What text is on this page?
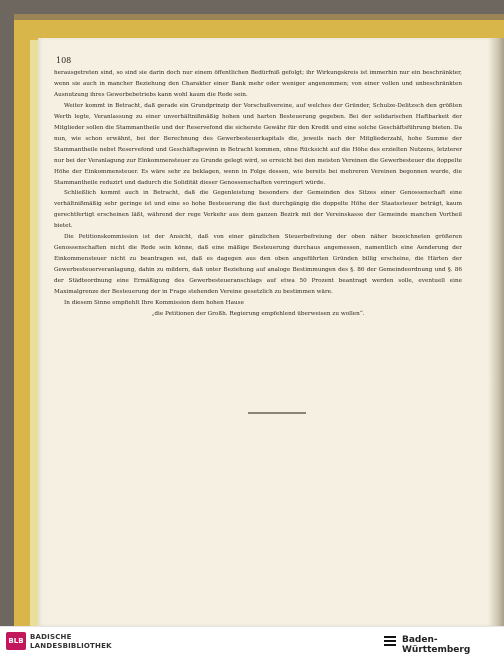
108

herausgetreten sind, so sind sie darin doch nur einem öffentlichen Bedürfniß gefolgt; ihr Wirkungskreis ist immerhin nur ein beschränkter, wenn sie auch in mancher Beziehung den Charakter einer Bank mehr oder weniger angenommen; von einer vollen und unbeschränkten Ausnutzung ihres Gewerbebetriebs kann wohl kaum die Rede sein.

Weiter kommt in Betracht, daß gerade ein Grundprinzip der Vorschußvereine, auf welches der Gründer, Schulze-Delitzsch den größten Werth legte, Veranlassung zu einer unverhältnißmäßig hohen und harten Besteuerung gegeben. Bei der solidarischen Haftbarkeit der Mitglieder sollen die Stammantheile und der Reservefond die sicherste Gewähr für den Kredit und eine solche Geschäftsführung bieten. Da nun, wie schon erwähnt, bei der Berechnung des Gewerbesteuerkapitals die, jeweils nach der Mitgliederzahl, hohe Summe der Stammantheile nebst Reservefond und Geschäftsgewinn in Betracht kommen, ohne Rücksicht auf die Höhe des erzielten Nutzens, letzterer nur bei der Veranlagung zur Einkommensteuer zu Grunde gelegt wird, so erreicht bei den meisten Vereinen die Gewerbesteuer die doppelte Höhe der Einkommensteuer. Es wäre sehr zu beklagen, wenn in Folge dessen, wie bereits bei mehreren Vereinen begonnen wurde, die Stammantheile reduzirt und dadurch die Solidität dieser Genossenschaften verringert würde.

Schließlich kommt auch in Betracht, daß die Gegenleistung besonders der Gemeinden des Sitzes einer Genossenschaft eine verhältnißmäßig sehr geringe ist und eine so hohe Besteuerung die fast durchgängig die doppelte Höhe der Staatssteuer beträgt, kaum gerechtfertigt erscheinen läßt, während der rege Verkehr aus dem ganzen Bezirk mit der Vereinskasse der Gemeinde manchen Vortheil bietet.

Die Petitionskommission ist der Ansicht, daß von einer gänzlichen Steuerbefreiung der oben näher bezeichneten größeren Genossenschaften nicht die Rede sein könne, daß eine mäßige Besteuerung durchaus angemessen, namentlich eine Aenderung der Einkommensteuer nicht zu beantragen sei, daß es dagegen aus den oben angeführten Gründen billig erscheine, die Härten der Gewerbesteuerveranlagung, dahin zu mildern, daß unter Beziehung auf analoge Bestimmungen des §. 86 der Gemeindeordnung und §. 86 der Städteordnung eine Ermäßigung des Gewerbesteueranschlags auf etwa 50 Prozent beantragt werden solle, eventuell eine Maximalgrenze der Besteuerung der in Frage stehenden Vereine gesetzlich zu bestimmen wäre.

In diesem Sinne empfiehlt Ihre Kommission dem hohen Hause

„die Petitionen der Großh. Regierung empfehlend überweisen zu wollen“.
BLB BADISCHE
LANDESBIBLIOTHEK
Baden-Württemberg
